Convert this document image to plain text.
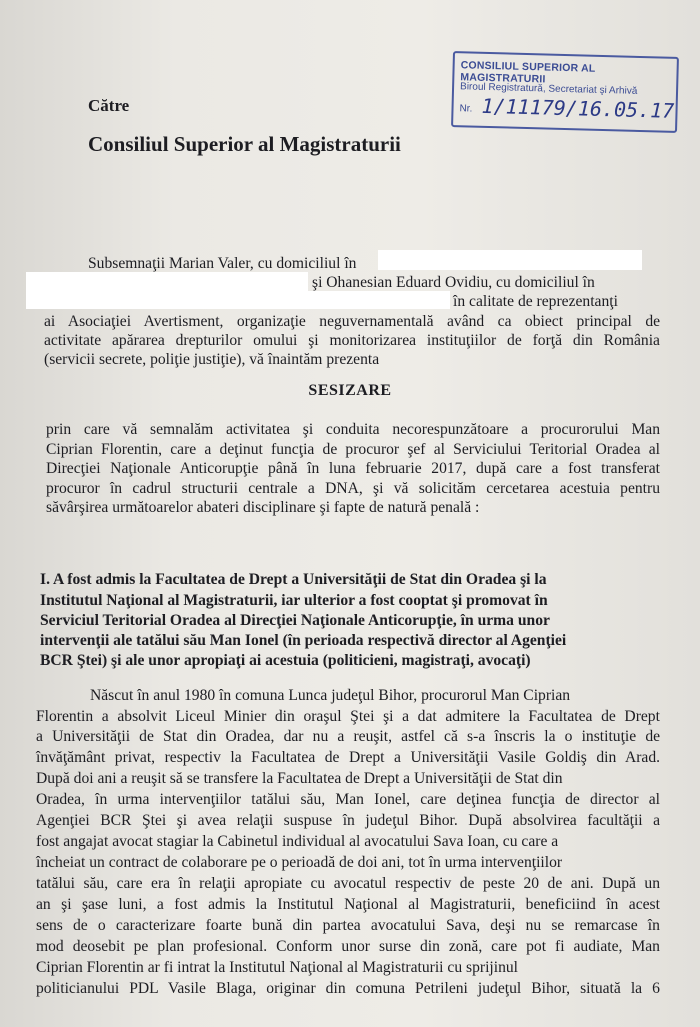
CONSILIUL SUPERIOR AL MAGISTRATURII
Biroul Registratură, Secretariat şi Arhivă
Nr. 1/11179/16.05.17
Către
Consiliul Superior al Magistraturii
Subsemnaţii Marian Valer, cu domiciliul în
şi Ohanesian Eduard Ovidiu, cu domiciliul în
în calitate de reprezentanţi
ai Asociaţiei Avertisment, organizaţie neguvernamentală având ca obiect principal de
activitate apărarea drepturilor omului şi monitorizarea instituţiilor de forţă din România
(servicii secrete, poliţie justiţie), vă înaintăm prezenta
SESIZARE
prin care vă semnalăm activitatea şi conduita necorespunzătoare a procurorului Man
Ciprian Florentin, care a deţinut funcţia de procuror şef al Serviciului Teritorial Oradea al
Direcţiei Naţionale Anticorupţie până în luna februarie 2017, după care a fost transferat
procuror în cadrul structurii centrale a DNA, şi vă solicităm cercetarea acestuia pentru
săvârşirea următoarelor abateri disciplinare şi fapte de natură penală :
I. A fost admis la Facultatea de Drept a Universităţii de Stat din Oradea şi la
Institutul Naţional al Magistraturii, iar ulterior a fost cooptat şi promovat în
Serviciul Teritorial Oradea al Direcţiei Naţionale Anticorupţie, în urma unor
intervenţii ale tatălui său Man Ionel (în perioada respectivă director al Agenţiei
BCR Ştei) şi ale unor apropiaţi ai acestuia (politicieni, magistraţi, avocaţi)
Născut în anul 1980 în comuna Lunca judeţul Bihor, procurorul Man Ciprian
Florentin a absolvit Liceul Minier din oraşul Ştei şi a dat admitere la Facultatea de Drept
a Universităţii de Stat din Oradea, dar nu a reuşit, astfel că s-a înscris la o instituţie de
învăţământ privat, respectiv la Facultatea de Drept a Universităţii Vasile Goldiş din Arad.
După doi ani a reuşit să se transfere la Facultatea de Drept a Universităţii de Stat din
Oradea, în urma intervenţiilor tatălui său, Man Ionel, care deţinea funcţia de director al
Agenţiei BCR Ştei şi avea relaţii suspuse în judeţul Bihor. După absolvirea facultăţii a
fost angajat avocat stagiar la Cabinetul individual al avocatului Sava Ioan, cu care a
încheiat un contract de colaborare pe o perioadă de doi ani, tot în urma intervenţiilor
tatălui său, care era în relaţii apropiate cu avocatul respectiv de peste 20 de ani. După un
an şi şase luni, a fost admis la Institutul Naţional al Magistraturii, beneficiind în acest
sens de o caracterizare foarte bună din partea avocatului Sava, deşi nu se remarcase în
mod deosebit pe plan profesional. Conform unor surse din zonă, care pot fi audiate, Man
Ciprian Florentin ar fi intrat la Institutul Naţional al Magistraturii cu sprijinul
politicianului PDL Vasile Blaga, originar din comuna Petrileni judeţul Bihor, situată la 6
